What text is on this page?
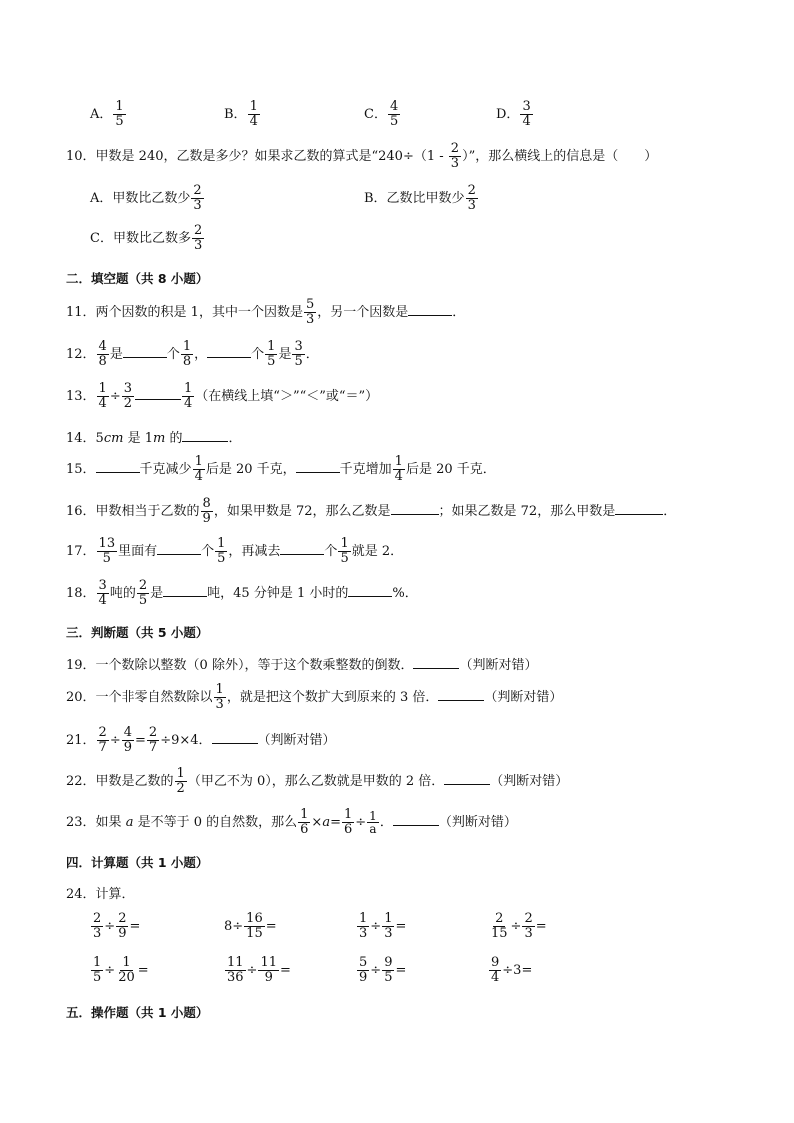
A． $\frac{1}{5}$	B． $\frac{1}{4}$	C． $\frac{4}{5}$	D． $\frac{3}{4}$
10．甲数是 240，乙数是多少？如果求乙数的算式是“$240\div(1 - \frac{2}{3}$ ）”，那么横线上的信息是（　　）
A．甲数比乙数少 $\frac{2}{3}$	B．乙数比甲数少 $\frac{2}{3}$
C．甲数比乙数多 $\frac{2}{3}$
二．填空题（共 8 小题）
11．两个因数的积是 1，其中一个因数是 $\frac{5}{3}$ ，另一个因数是	．
12． $\frac{4}{8}$ 是	个 $\frac{1}{8}$ ，	个 $\frac{1}{5}$ 是 $\frac{3}{5}$ ．
13． $\frac{1}{4} \div \frac{3}{2}$	$\frac{1}{4}$ （在横线上填“＞”“＜”或“＝”）
14．5cm 是 1m 的	．
15．	千克减少 $\frac{1}{4}$ 后是 20 千克，	千克增加 $\frac{1}{4}$ 后是 20 千克．
16．甲数相当于乙数的 $\frac{8}{9}$ ，如果甲数是 72，那么乙数是	；如果乙数是 72，那么甲数是	．
17． $\frac{13}{5}$ 里面有	个 $\frac{1}{5}$ ，再减去	个 $\frac{1}{5}$ 就是 2．
18． $\frac{3}{4}$ 吨的 $\frac{2}{5}$ 是	吨，45 分钟是 1 小时的	%．
三．判断题（共 5 小题）
19．一个数除以整数（0 除外），等于这个数乘整数的倒数．	（判断对错）
20．一个非零自然数除以 $\frac{1}{3}$ ，就是把这个数扩大到原来的 3 倍．	（判断对错）
21． $\frac{2}{7} \div \frac{4}{9} = \frac{2}{7} \div 9\times 4$．	（判断对错）
22．甲数是乙数的 $\frac{1}{2}$ （甲乙不为 0），那么乙数就是甲数的 2 倍．	（判断对错）
23．如果 a 是不等于 0 的自然数，那么 $\frac{1}{6} \times a= \frac{1}{6} \div \frac{1}{a}$ ．	（判断对错）
四．计算题（共 1 小题）
24．计算．
$\frac{2}{3} \div \frac{2}{9}$ =	$8\div \frac{16}{15}$ =	$\frac{1}{3} \div \frac{1}{3}$ =	$\frac{2}{15} \div \frac{2}{3}$ =
$\frac{1}{5} \div \frac{1}{20}$ =	$\frac{11}{36} \div \frac{11}{9}$ =	$\frac{5}{9} \div \frac{9}{5}$ =	$\frac{9}{4} \div 3=$
五．操作题（共 1 小题）
